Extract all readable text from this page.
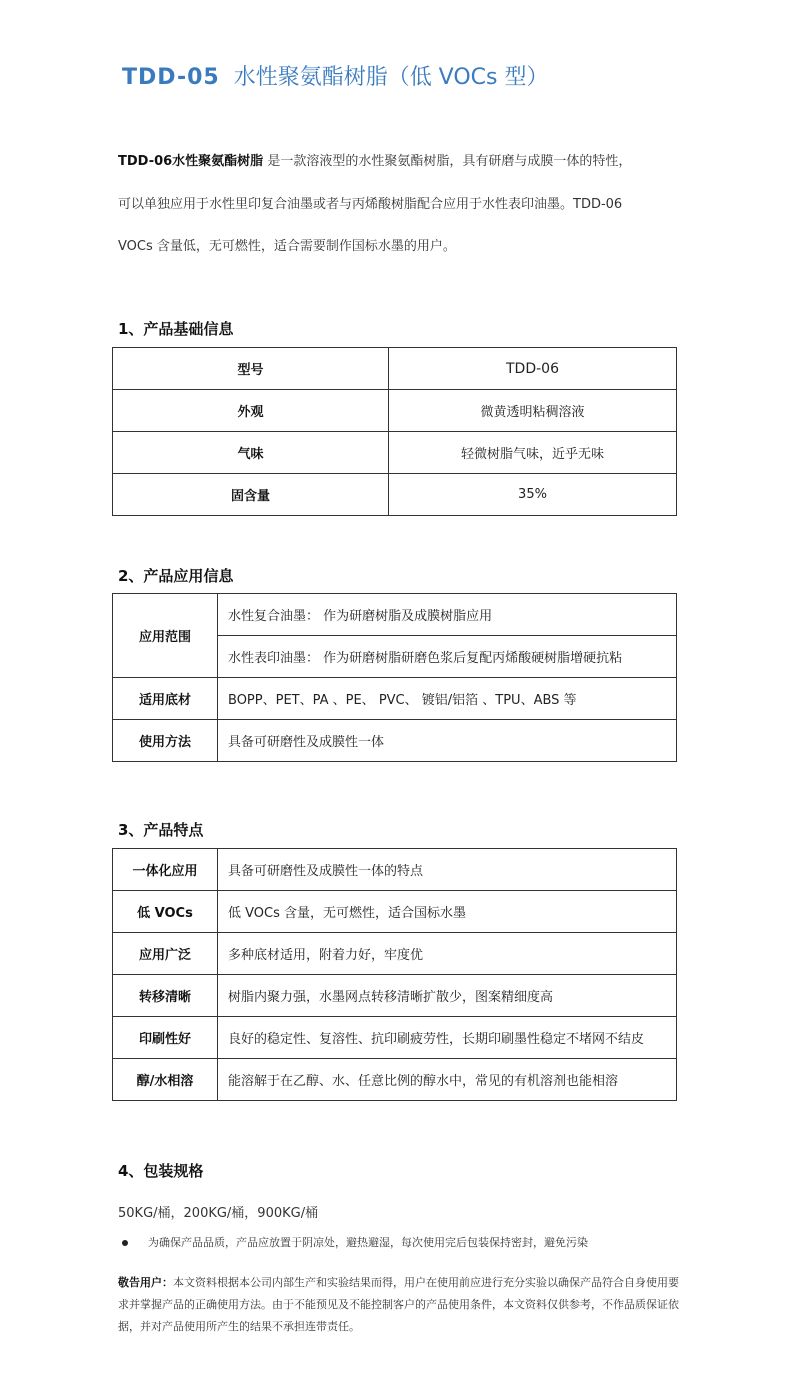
TDD-05 水性聚氨酯树脂（低 VOCs 型）
TDD-06水性聚氨酯树脂 是一款溶液型的水性聚氨酯树脂，具有研磨与成膜一体的特性，
可以单独应用于水性里印复合油墨或者与丙烯酸树脂配合应用于水性表印油墨。TDD-06
VOCs 含量低，无可燃性，适合需要制作国标水墨的用户。
1、产品基础信息
型号	TDD-06
外观	微黄透明粘稠溶液
气味	轻微树脂气味，近乎无味
固含量	35%
2、产品应用信息
应用范围	水性复合油墨： 作为研磨树脂及成膜树脂应用
	水性表印油墨： 作为研磨树脂研磨色浆后复配丙烯酸硬树脂增硬抗粘
适用底材	BOPP、PET、PA 、PE、 PVC、 镀铝/铝箔 、TPU、ABS 等
使用方法	具备可研磨性及成膜性一体
3、产品特点
一体化应用	具备可研磨性及成膜性一体的特点
低 VOCs	低 VOCs 含量，无可燃性，适合国标水墨
应用广泛	多种底材适用，附着力好，牢度优
转移清晰	树脂内聚力强，水墨网点转移清晰扩散少，图案精细度高
印刷性好	良好的稳定性、复溶性、抗印刷疲劳性，长期印刷墨性稳定不堵网不结皮
醇/水相溶	能溶解于在乙醇、水、任意比例的醇水中，常见的有机溶剂也能相溶
4、包装规格
50KG/桶，200KG/桶，900KG/桶
为确保产品品质，产品应放置于阴凉处，避热避湿，每次使用完后包装保持密封，避免污染
敬告用户：本文资料根据本公司内部生产和实验结果而得，用户在使用前应进行充分实验以确保产品符合自身使用要求并掌握产品的正确使用方法。由于不能预见及不能控制客户的产品使用条件，本文资料仅供参考，不作品质保证依据，并对产品使用所产生的结果不承担连带责任。
